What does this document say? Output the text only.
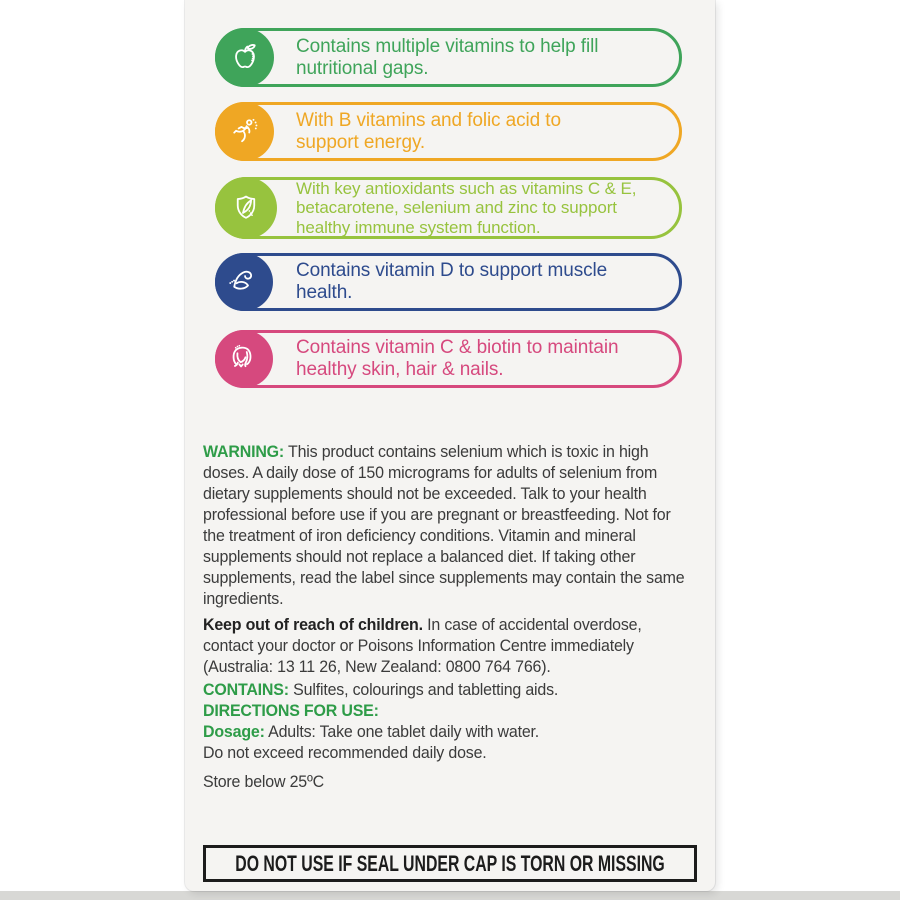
Contains multiple vitamins to help fill
nutritional gaps.
With B vitamins and folic acid to
support energy.
With key antioxidants such as vitamins C & E,
betacarotene, selenium and zinc to support
healthy immune system function.
Contains vitamin D to support muscle
health.
Contains vitamin C & biotin to maintain
healthy skin, hair & nails.
WARNING: This product contains selenium which is toxic in high
doses. A daily dose of 150 micrograms for adults of selenium from
dietary supplements should not be exceeded. Talk to your health
professional before use if you are pregnant or breastfeeding. Not for
the treatment of iron deficiency conditions. Vitamin and mineral
supplements should not replace a balanced diet. If taking other
supplements, read the label since supplements may contain the same
ingredients.
Keep out of reach of children. In case of accidental overdose,
contact your doctor or Poisons Information Centre immediately
(Australia: 13 11 26, New Zealand: 0800 764 766).
CONTAINS: Sulfites, colourings and tabletting aids.
DIRECTIONS FOR USE:
Dosage: Adults: Take one tablet daily with water.
Do not exceed recommended daily dose.
Store below 25ºC
DO NOT USE IF SEAL UNDER CAP IS TORN OR MISSING
